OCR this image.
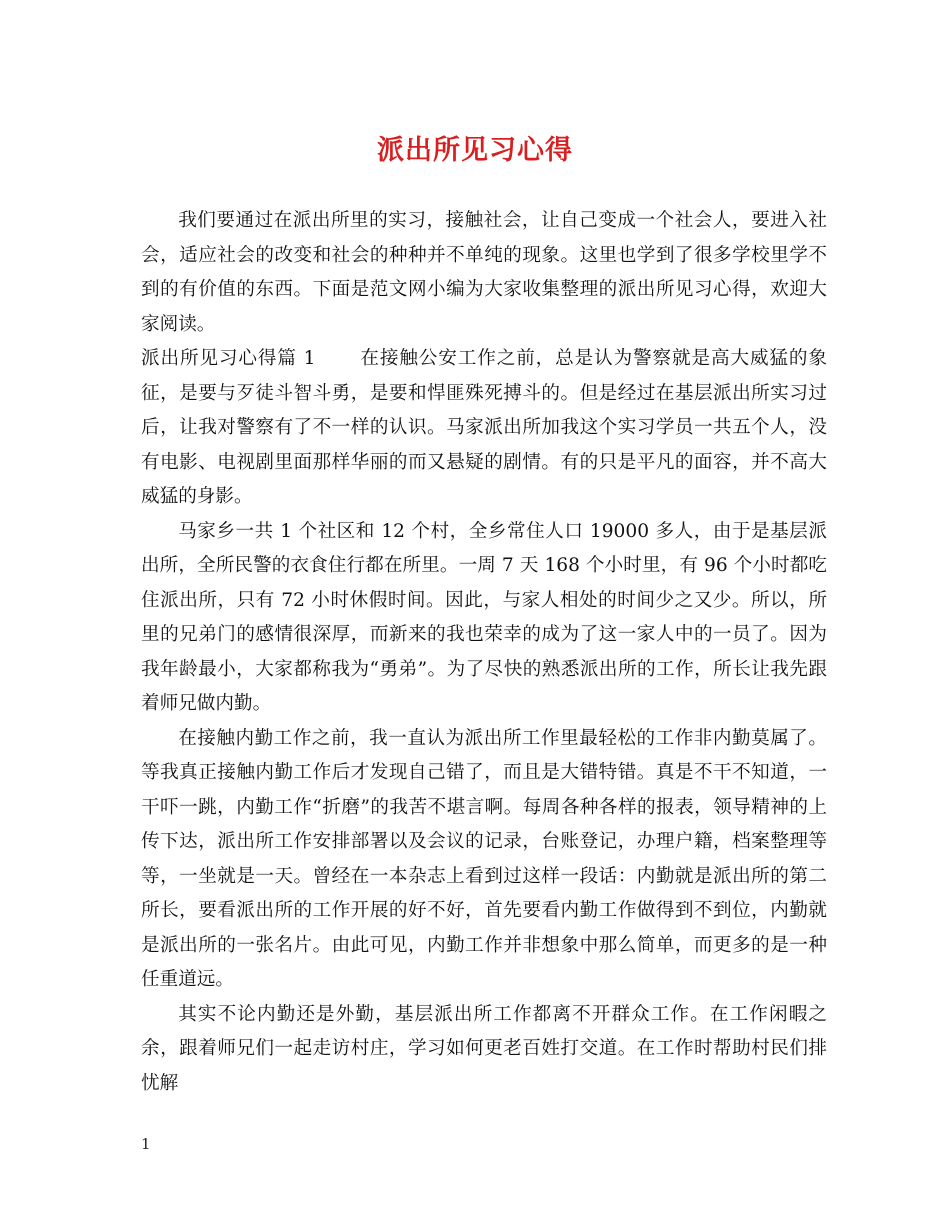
派出所见习心得

我们要通过在派出所里的实习，接触社会，让自己变成一个社会人，要进入社会，适应社会的改变和社会的种种并不单纯的现象。这里也学到了很多学校里学不到的有价值的东西。下面是范文网小编为大家收集整理的派出所见习心得，欢迎大家阅读。

派出所见习心得篇 1 在接触公安工作之前，总是认为警察就是高大威猛的象征，是要与歹徒斗智斗勇，是要和悍匪殊死搏斗的。但是经过在基层派出所实习过后，让我对警察有了不一样的认识。马家派出所加我这个实习学员一共五个人，没有电影、电视剧里面那样华丽的而又悬疑的剧情。有的只是平凡的面容，并不高大威猛的身影。

马家乡一共 1 个社区和 12 个村，全乡常住人口 19000 多人，由于是基层派出所，全所民警的衣食住行都在所里。一周 7 天 168 个小时里，有 96 个小时都吃住派出所，只有 72 小时休假时间。因此，与家人相处的时间少之又少。所以，所里的兄弟门的感情很深厚，而新来的我也荣幸的成为了这一家人中的一员了。因为我年龄最小，大家都称我为“勇弟”。为了尽快的熟悉派出所的工作，所长让我先跟着师兄做内勤。

在接触内勤工作之前，我一直认为派出所工作里最轻松的工作非内勤莫属了。等我真正接触内勤工作后才发现自己错了，而且是大错特错。真是不干不知道，一干吓一跳，内勤工作“折磨”的我苦不堪言啊。每周各种各样的报表，领导精神的上传下达，派出所工作安排部署以及会议的记录，台账登记，办理户籍，档案整理等等，一坐就是一天。曾经在一本杂志上看到过这样一段话：内勤就是派出所的第二所长，要看派出所的工作开展的好不好，首先要看内勤工作做得到不到位，内勤就是派出所的一张名片。由此可见，内勤工作并非想象中那么简单，而更多的是一种任重道远。

其实不论内勤还是外勤，基层派出所工作都离不开群众工作。在工作闲暇之余，跟着师兄们一起走访村庄，学习如何更老百姓打交道。在工作时帮助村民们排忧解

1
